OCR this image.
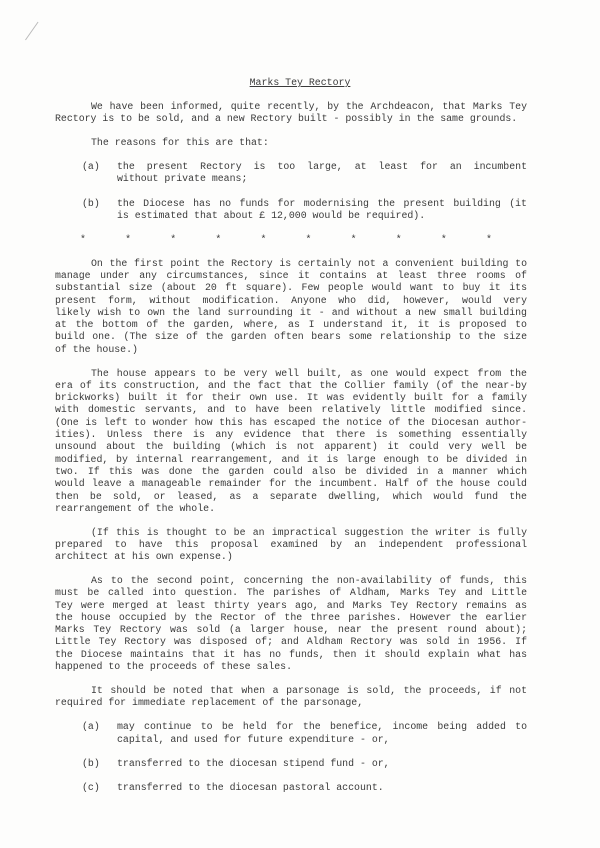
Marks Tey Rectory
We have been informed, quite recently, by the Archdeacon, that Marks Tey
Rectory is to be sold, and a new Rectory built - possibly in the same grounds.
The reasons for this are that:
(a) the present Rectory is too large, at least for an incumbent
without private means;
(b) the Diocese has no funds for modernising the present building (it
is estimated that about £ 12,000 would be required).
*	*	*	*	*	*	*	*	*	*
On the first point the Rectory is certainly not a convenient building to
manage under any circumstances, since it contains at least three rooms of
substantial size (about 20 ft square). Few people would want to buy it its
present form, without modification. Anyone who did, however, would very
likely wish to own the land surrounding it - and without a new small building
at the bottom of the garden, where, as I understand it, it is proposed to
build one. (The size of the garden often bears some relationship to the size
of the house.)
The house appears to be very well built, as one would expect from the
era of its construction, and the fact that the Collier family (of the near-by
brickworks) built it for their own use. It was evidently built for a family
with domestic servants, and to have been relatively little modified since.
(One is left to wonder how this has escaped the notice of the Diocesan author-
ities). Unless there is any evidence that there is something essentially
unsound about the building (which is not apparent) it could very well be
modified, by internal rearrangement, and it is large enough to be divided in
two. If this was done the garden could also be divided in a manner which
would leave a manageable remainder for the incumbent. Half of the house could
then be sold, or leased, as a separate dwelling, which would fund the
rearrangement of the whole.
(If this is thought to be an impractical suggestion the writer is fully
prepared to have this proposal examined by an independent professional
architect at his own expense.)
As to the second point, concerning the non-availability of funds, this
must be called into question. The parishes of Aldham, Marks Tey and Little
Tey were merged at least thirty years ago, and Marks Tey Rectory remains as
the house occupied by the Rector of the three parishes. However the earlier
Marks Tey Rectory was sold (a larger house, near the present round about);
Little Tey Rectory was disposed of; and Aldham Rectory was sold in 1956. If
the Diocese maintains that it has no funds, then it should explain what has
happened to the proceeds of these sales.
It should be noted that when a parsonage is sold, the proceeds, if not
required for immediate replacement of the parsonage,
(a) may continue to be held for the benefice, income being added to
capital, and used for future expenditure - or,
(b) transferred to the diocesan stipend fund - or,
(c) transferred to the diocesan pastoral account.
